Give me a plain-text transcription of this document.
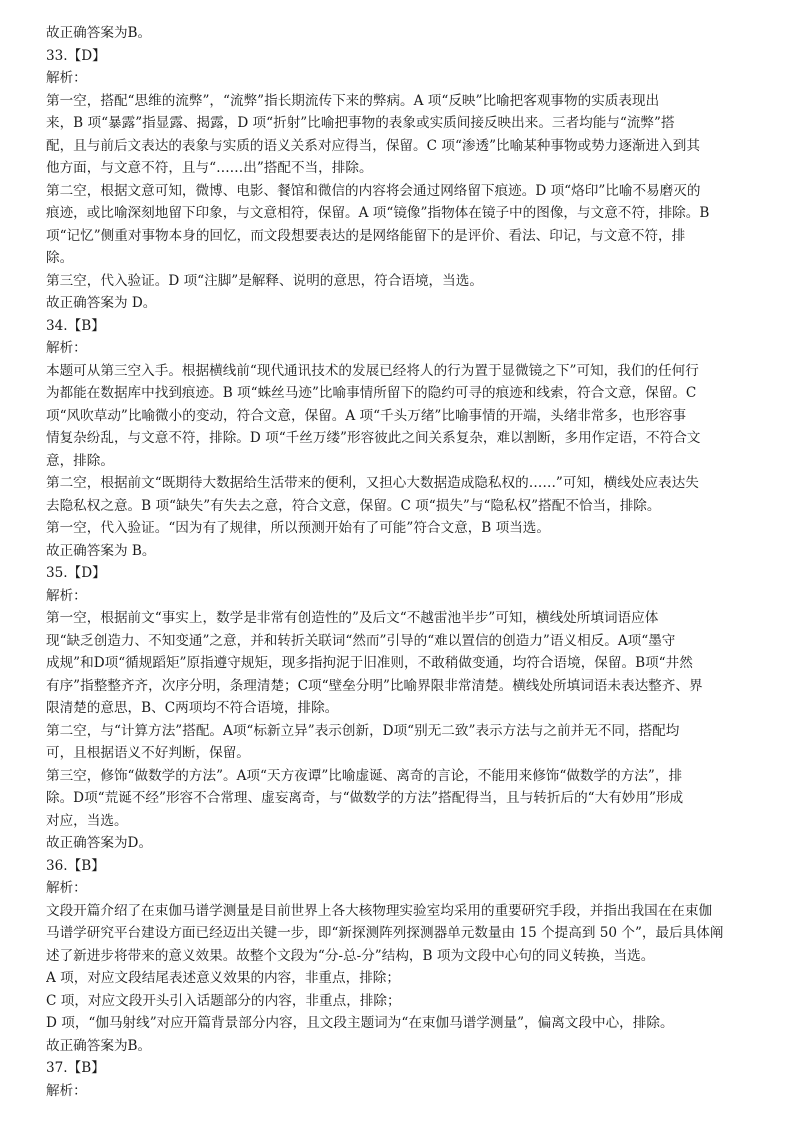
故正确答案为B。
33.【D】
解析：
第一空，搭配“思维的流弊”，“流弊”指长期流传下来的弊病。A 项“反映”比喻把客观事物的实质表现出
来，B 项“暴露”指显露、揭露，D 项“折射”比喻把事物的表象或实质间接反映出来。三者均能与“流弊”搭
配，且与前后文表达的表象与实质的语义关系对应得当，保留。C 项“渗透”比喻某种事物或势力逐渐进入到其
他方面，与文意不符，且与“……出”搭配不当，排除。
第二空，根据文意可知，微博、电影、餐馆和微信的内容将会通过网络留下痕迹。D 项“烙印”比喻不易磨灭的
痕迹，或比喻深刻地留下印象，与文意相符，保留。A 项“镜像”指物体在镜子中的图像，与文意不符，排除。B
项“记忆”侧重对事物本身的回忆，而文段想要表达的是网络能留下的是评价、看法、印记，与文意不符，排
除。
第三空，代入验证。D 项“注脚”是解释、说明的意思，符合语境，当选。
故正确答案为 D。
34.【B】
解析：
本题可从第三空入手。根据横线前“现代通讯技术的发展已经将人的行为置于显微镜之下”可知，我们的任何行
为都能在数据库中找到痕迹。B 项“蛛丝马迹”比喻事情所留下的隐约可寻的痕迹和线索，符合文意，保留。C
项“风吹草动”比喻微小的变动，符合文意，保留。A 项“千头万绪”比喻事情的开端，头绪非常多，也形容事
情复杂纷乱，与文意不符，排除。D 项“千丝万缕”形容彼此之间关系复杂，难以割断，多用作定语，不符合文
意，排除。
第二空，根据前文“既期待大数据给生活带来的便利，又担心大数据造成隐私权的……”可知，横线处应表达失
去隐私权之意。B 项“缺失”有失去之意，符合文意，保留。C 项“损失”与“隐私权”搭配不恰当，排除。
第一空，代入验证。“因为有了规律，所以预测开始有了可能”符合文意，B 项当选。
故正确答案为 B。
35.【D】
解析：
第一空，根据前文“事实上，数学是非常有创造性的”及后文“不越雷池半步”可知，横线处所填词语应体
现“缺乏创造力、不知变通”之意，并和转折关联词“然而”引导的“难以置信的创造力”语义相反。A项“墨守
成规”和D项“循规蹈矩”原指遵守规矩，现多指拘泥于旧准则，不敢稍做变通，均符合语境，保留。B项“井然
有序”指整整齐齐，次序分明，条理清楚；C项“壁垒分明”比喻界限非常清楚。横线处所填词语未表达整齐、界
限清楚的意思，B、C两项均不符合语境，排除。
第二空，与“计算方法”搭配。A项“标新立异”表示创新，D项“别无二致”表示方法与之前并无不同，搭配均
可，且根据语义不好判断，保留。
第三空，修饰“做数学的方法”。A项“天方夜谭”比喻虚诞、离奇的言论，不能用来修饰“做数学的方法”，排
除。D项“荒诞不经”形容不合常理、虚妄离奇，与“做数学的方法”搭配得当，且与转折后的“大有妙用”形成
对应，当选。
故正确答案为D。
36.【B】
解析：
文段开篇介绍了在束伽马谱学测量是目前世界上各大核物理实验室均采用的重要研究手段，并指出我国在在束伽
马谱学研究平台建设方面已经迈出关键一步，即“新探测阵列探测器单元数量由 15 个提高到 50 个”，最后具体阐
述了新进步将带来的意义效果。故整个文段为“分-总-分”结构，B 项为文段中心句的同义转换，当选。
A 项，对应文段结尾表述意义效果的内容，非重点，排除；
C 项，对应文段开头引入话题部分的内容，非重点，排除；
D 项，“伽马射线”对应开篇背景部分内容，且文段主题词为“在束伽马谱学测量”，偏离文段中心，排除。
故正确答案为B。
37.【B】
解析：
